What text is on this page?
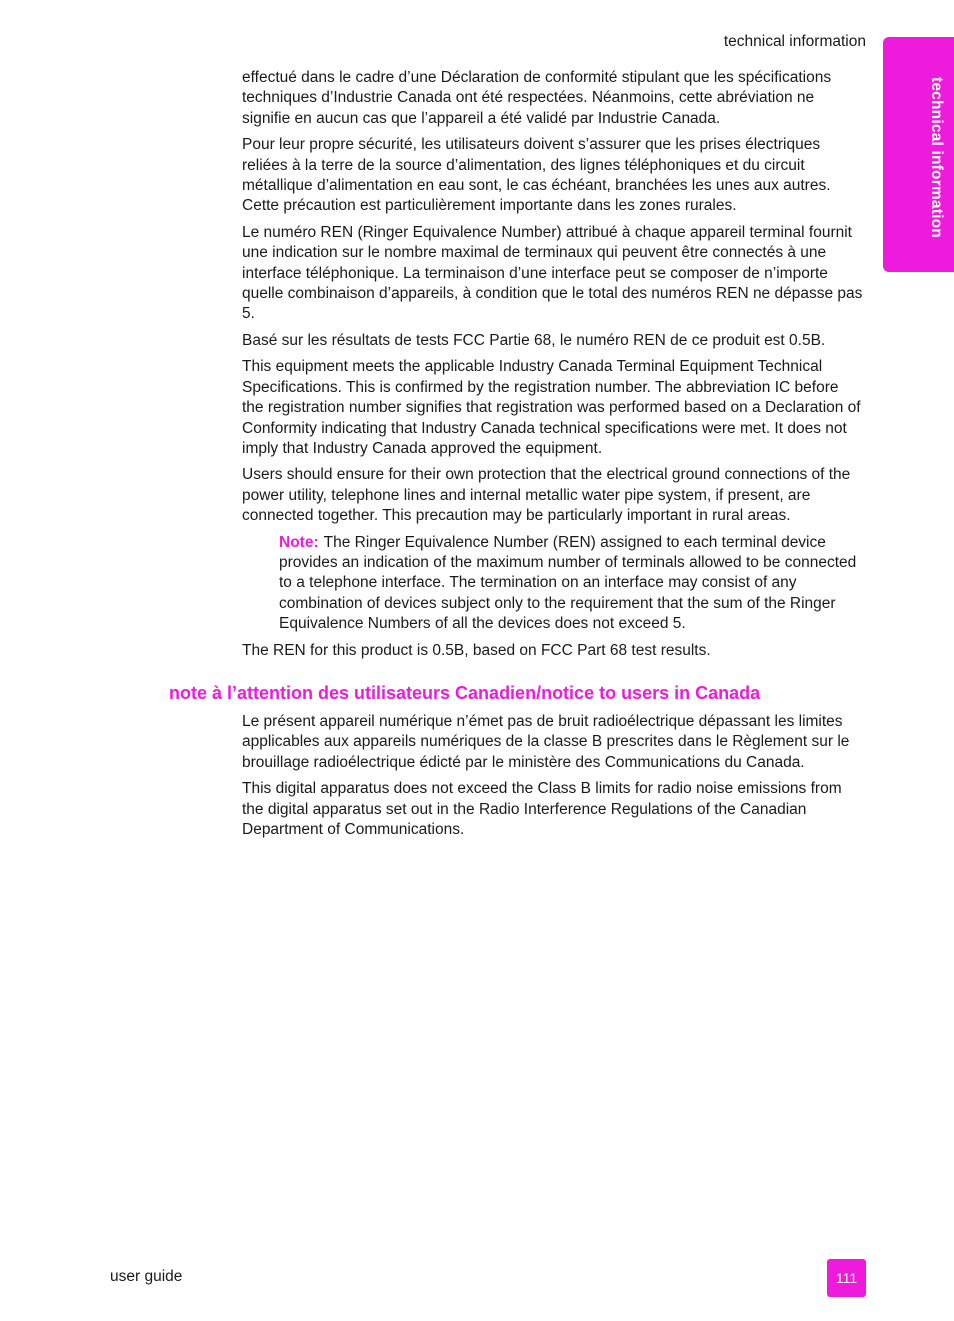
technical information
technical information

effectué dans le cadre d’une Déclaration de conformité stipulant que les spécifications techniques d’Industrie Canada ont été respectées. Néanmoins, cette abréviation ne signifie en aucun cas que l’appareil a été validé par Industrie Canada.

Pour leur propre sécurité, les utilisateurs doivent s’assurer que les prises électriques reliées à la terre de la source d’alimentation, des lignes téléphoniques et du circuit métallique d’alimentation en eau sont, le cas échéant, branchées les unes aux autres. Cette précaution est particulièrement importante dans les zones rurales.

Le numéro REN (Ringer Equivalence Number) attribué à chaque appareil terminal fournit une indication sur le nombre maximal de terminaux qui peuvent être connectés à une interface téléphonique. La terminaison d’une interface peut se composer de n’importe quelle combinaison d’appareils, à condition que le total des numéros REN ne dépasse pas 5.

Basé sur les résultats de tests FCC Partie 68, le numéro REN de ce produit est 0.5B.

This equipment meets the applicable Industry Canada Terminal Equipment Technical Specifications. This is confirmed by the registration number. The abbreviation IC before the registration number signifies that registration was performed based on a Declaration of Conformity indicating that Industry Canada technical specifications were met. It does not imply that Industry Canada approved the equipment.

Users should ensure for their own protection that the electrical ground connections of the power utility, telephone lines and internal metallic water pipe system, if present, are connected together. This precaution may be particularly important in rural areas.

Note: The Ringer Equivalence Number (REN) assigned to each terminal device provides an indication of the maximum number of terminals allowed to be connected to a telephone interface. The termination on an interface may consist of any combination of devices subject only to the requirement that the sum of the Ringer Equivalence Numbers of all the devices does not exceed 5.

The REN for this product is 0.5B, based on FCC Part 68 test results.

note à l’attention des utilisateurs Canadien/notice to users in Canada

Le présent appareil numérique n’émet pas de bruit radioélectrique dépassant les limites applicables aux appareils numériques de la classe B prescrites dans le Règlement sur le brouillage radioélectrique édicté par le ministère des Communications du Canada.

This digital apparatus does not exceed the Class B limits for radio noise emissions from the digital apparatus set out in the Radio Interference Regulations of the Canadian Department of Communications.

user guide	111
